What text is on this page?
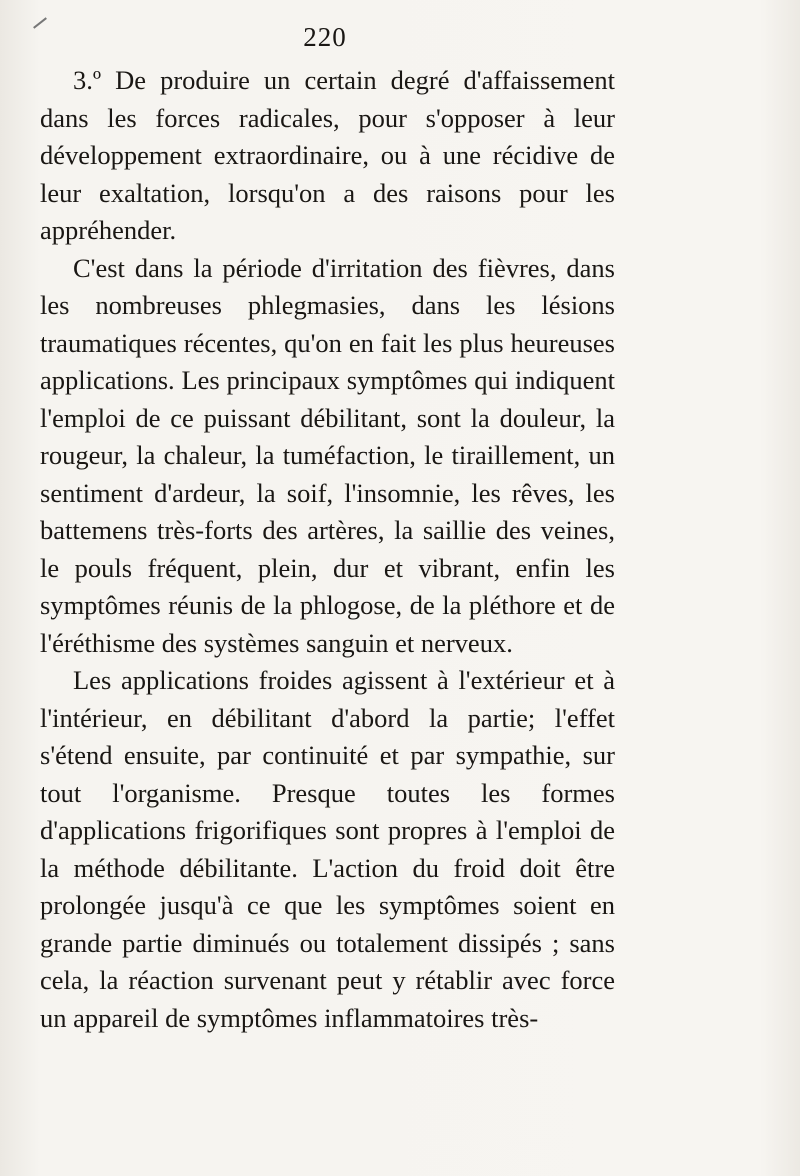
220

3.º De produire un certain degré d'affaissement dans les forces radicales, pour s'opposer à leur développement extraordinaire, ou à une récidive de leur exaltation, lorsqu'on a des raisons pour les appréhender.

C'est dans la période d'irritation des fièvres, dans les nombreuses phlegmasies, dans les lésions traumatiques récentes, qu'on en fait les plus heureuses applications. Les principaux symptômes qui indiquent l'emploi de ce puissant débilitant, sont la douleur, la rougeur, la chaleur, la tuméfaction, le tiraillement, un sentiment d'ardeur, la soif, l'insomnie, les rêves, les battemens très-forts des artères, la saillie des veines, le pouls fréquent, plein, dur et vibrant, enfin les symptômes réunis de la phlogose, de la pléthore et de l'éréthisme des systèmes sanguin et nerveux.

Les applications froides agissent à l'extérieur et à l'intérieur, en débilitant d'abord la partie; l'effet s'étend ensuite, par continuité et par sympathie, sur tout l'organisme. Presque toutes les formes d'applications frigorifiques sont propres à l'emploi de la méthode débilitante. L'action du froid doit être prolongée jusqu'à ce que les symptômes soient en grande partie diminués ou totalement dissipés ; sans cela, la réaction survenant peut y rétablir avec force un appareil de symptômes inflammatoires très-
